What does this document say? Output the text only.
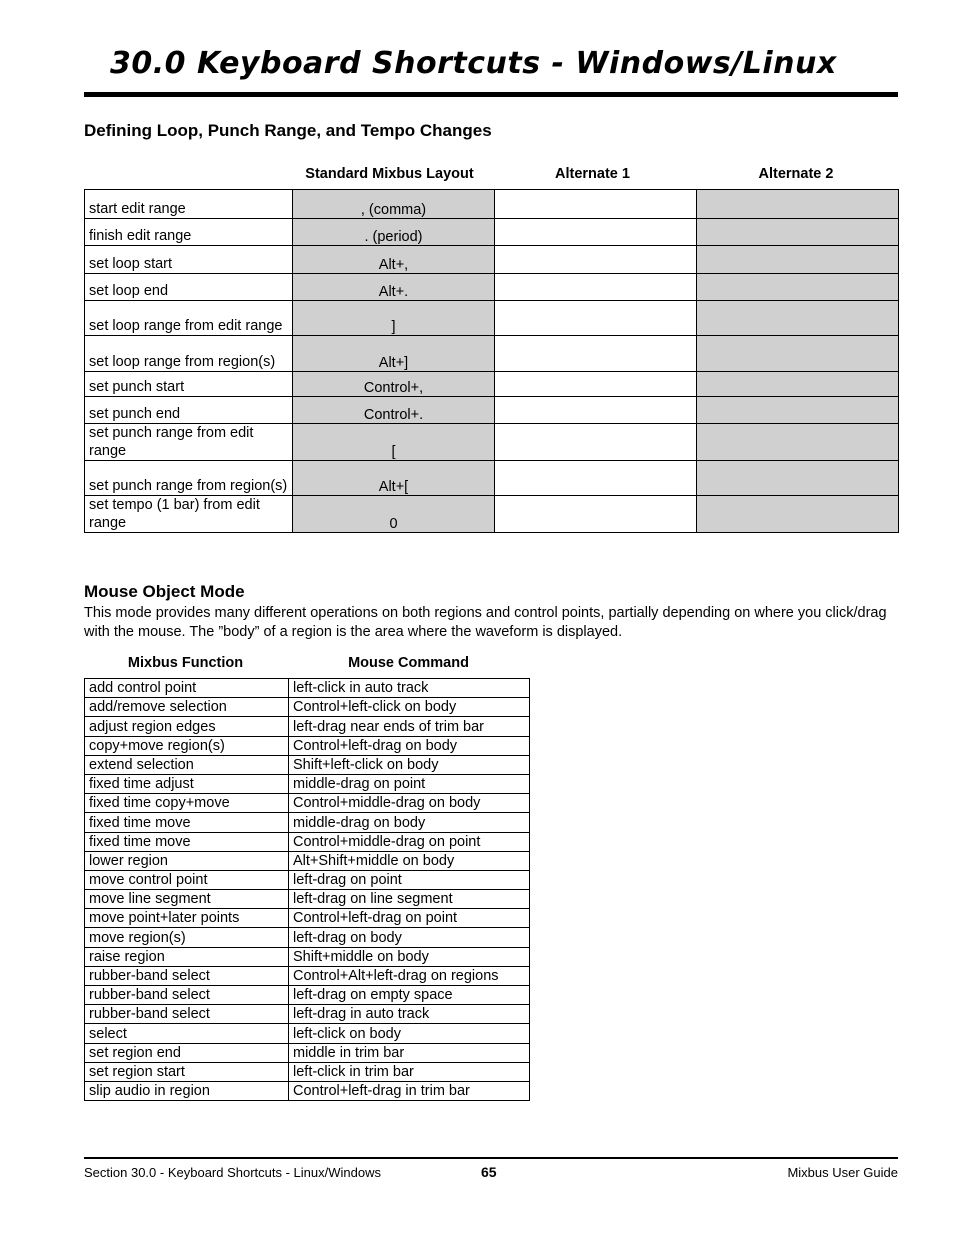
30.0 Keyboard Shortcuts - Windows/Linux
Defining Loop, Punch Range, and Tempo Changes
Standard Mixbus Layout	Alternate 1	Alternate 2
start edit range	, (comma)		
finish edit range	. (period)		
set loop start	Alt+,		
set loop end	Alt+.		
set loop range from edit range	]		
set loop range from region(s)	Alt+]		
set punch start	Control+,		
set punch end	Control+.		
set punch range from edit range	[		
set punch range from region(s)	Alt+[		
set tempo (1 bar) from edit range	0		
Mouse Object Mode

This mode provides many different operations on both regions and control points, partially depending on where you click/drag with the mouse. The ”body” of a region is the area where the waveform is displayed.

Mixbus Function	Mouse Command
add control point	left-click in auto track
add/remove selection	Control+left-click on body
adjust region edges	left-drag near ends of trim bar
copy+move region(s)	Control+left-drag on body
extend selection	Shift+left-click on body
fixed time adjust	middle-drag on point
fixed time copy+move	Control+middle-drag on body
fixed time move	middle-drag on body
fixed time move	Control+middle-drag on point
lower region	Alt+Shift+middle on body
move control point	left-drag on point
move line segment	left-drag on line segment
move point+later points	Control+left-drag on point
move region(s)	left-drag on body
raise region	Shift+middle on body
rubber-band select	Control+Alt+left-drag on regions
rubber-band select	left-drag on empty space
rubber-band select	left-drag in auto track
select	left-click on body
set region end	middle in trim bar
set region start	left-click in trim bar
slip audio in region	Control+left-drag in trim bar
Section 30.0 - Keyboard Shortcuts - Linux/Windows	65	Mixbus User Guide
